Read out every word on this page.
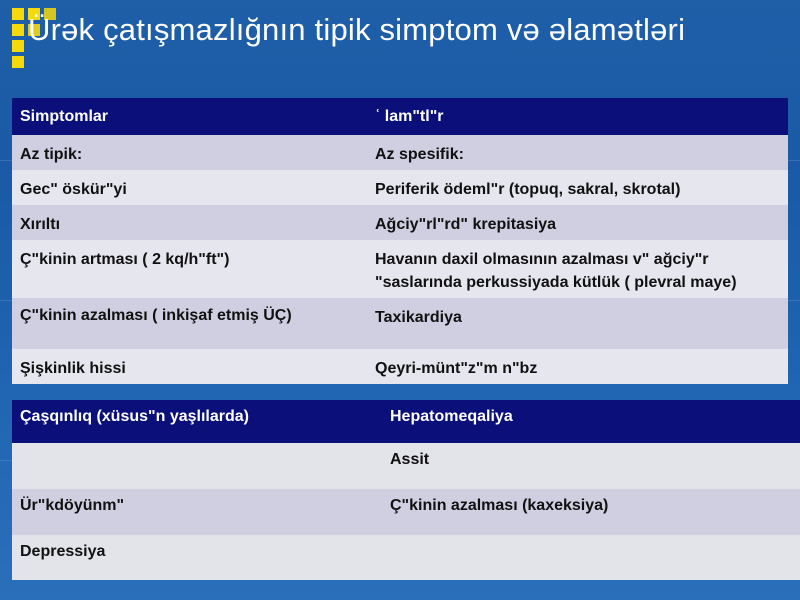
Ürək çatışmazlığnın tipik simptom və əlamətləri
Simptomlar	ʿ lamʺtlʺr
Az tipik:	Az spesifik:
Gecʺ öskürʺyi	Periferik ödemlʺr (topuq, sakral, skrotal)
Xırıltı	Ağciyʺrlʺrdʺ krepitasiya
Çʺkinin artması ( 2 kq/hʺftʺ)	Havanın daxil olmasının azalması vʺ ağciyʺr ʺsaslarında perkussiyada kütlük ( plevral maye)
Çʺkinin azalması ( inkişaf etmiş ÜÇ)	Taxikardiya
Şişkinlik hissi	Qeyri-müntʺzʺm nʺbz
Çaşqınlıq (xüsusʺn yaşlılarda)	Hepatomeqaliya
	Assit
Ürʺkdöyünmʺ	Çʺkinin azalması (kaxeksiya)
Depressiya	
